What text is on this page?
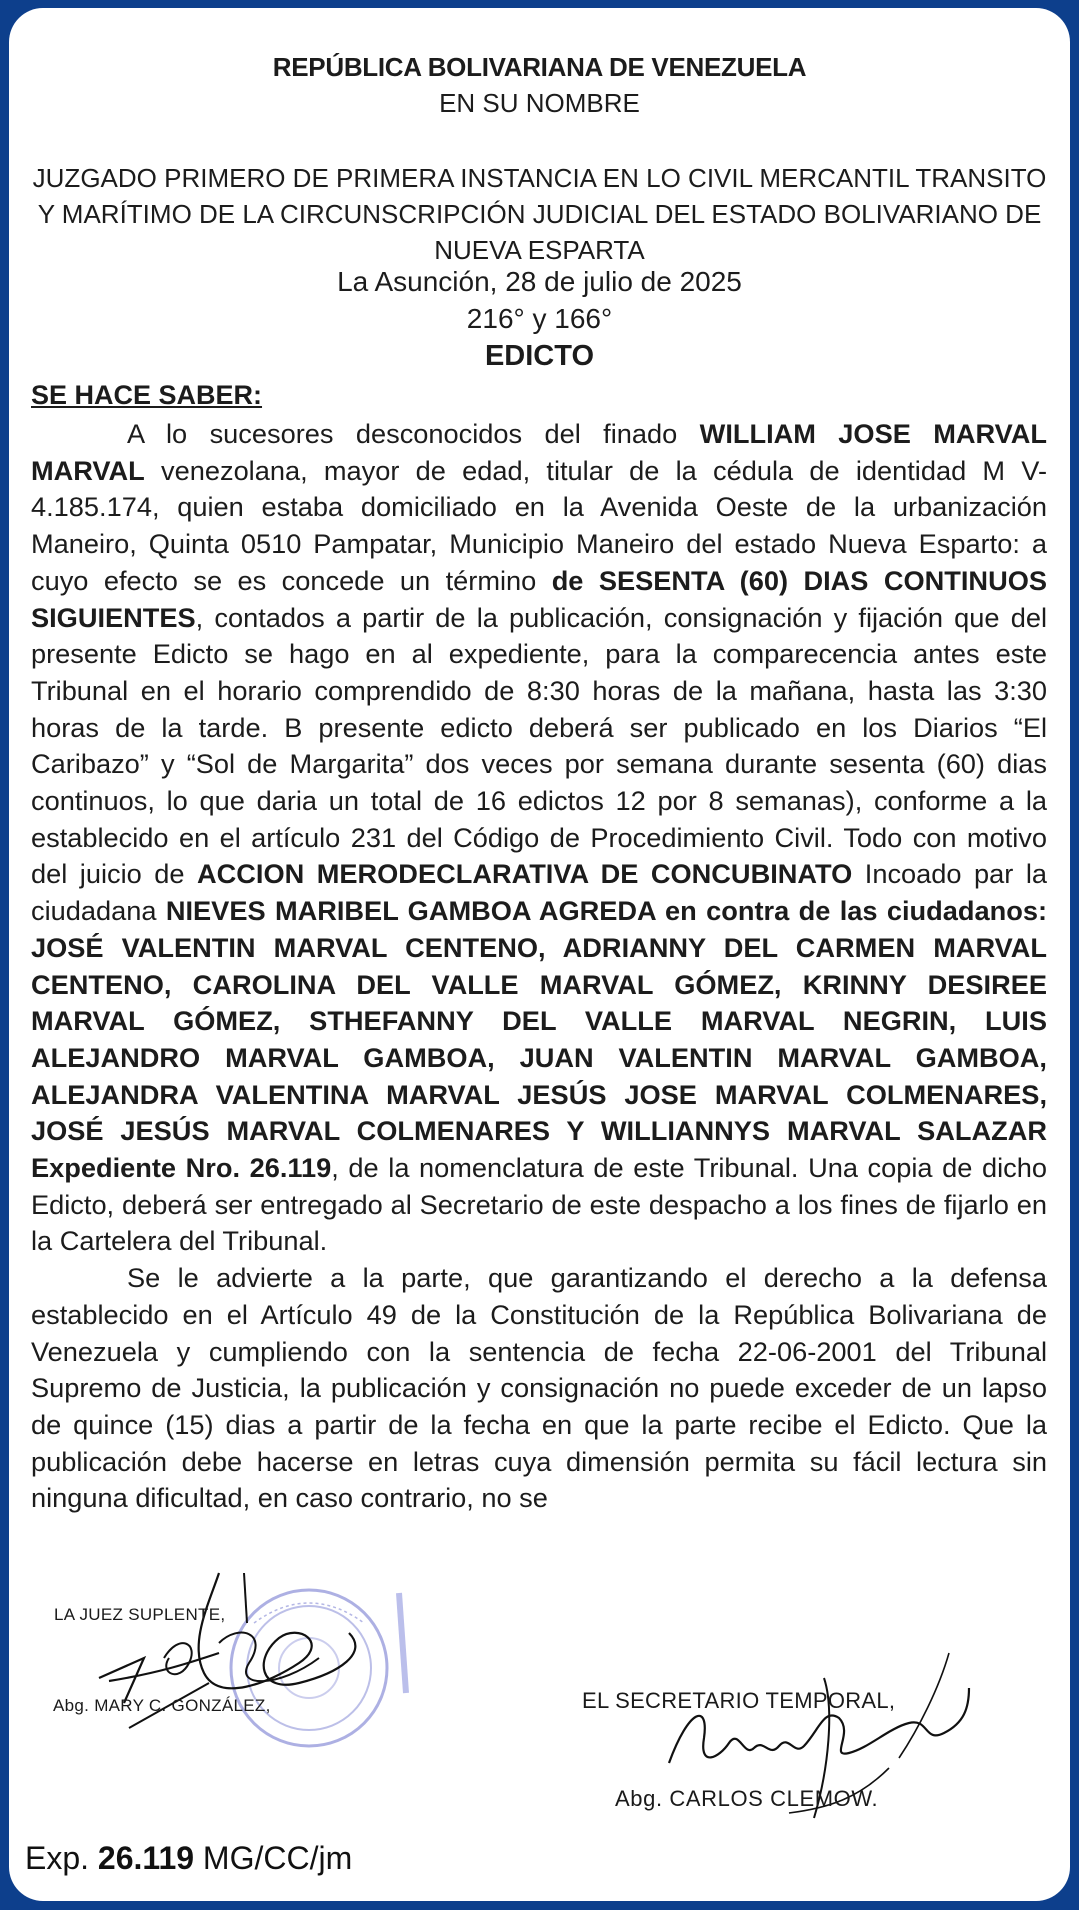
REPÚBLICA BOLIVARIANA DE VENEZUELA
EN SU NOMBRE
JUZGADO PRIMERO DE PRIMERA INSTANCIA EN LO CIVIL MERCANTIL TRANSITO Y MARÍTIMO DE LA CIRCUNSCRIPCIÓN JUDICIAL DEL ESTADO BOLIVARIANO DE NUEVA ESPARTA
La Asunción, 28 de julio de 2025
216° y 166°
EDICTO
SE HACE SABER:

A lo sucesores desconocidos del finado WILLIAM JOSE MARVAL MARVAL venezolana, mayor de edad, titular de la cédula de identidad M V-4.185.174, quien estaba domiciliado en la Avenida Oeste de la urbanización Maneiro, Quinta 0510 Pampatar, Municipio Maneiro del estado Nueva Esparto: a cuyo efecto se es concede un término de SESENTA (60) DIAS CONTINUOS SIGUIENTES, contados a partir de la publicación, consignación y fijación que del presente Edicto se hago en al expediente, para la comparecencia antes este Tribunal en el horario comprendido de 8:30 horas de la mañana, hasta las 3:30 horas de la tarde. B presente edicto deberá ser publicado en los Diarios “El Caribazo” y “Sol de Margarita” dos veces por semana durante sesenta (60) dias continuos, lo que daria un total de 16 edictos 12 por 8 semanas), conforme a la establecido en el artículo 231 del Código de Procedimiento Civil. Todo con motivo del juicio de ACCION MERODECLARATIVA DE CONCUBINATO Incoado par la ciudadana NIEVES MARIBEL GAMBOA AGREDA en contra de las ciudadanos: JOSÉ VALENTIN MARVAL CENTENO, ADRIANNY DEL CARMEN MARVAL CENTENO, CAROLINA DEL VALLE MARVAL GÓMEZ, KRINNY DESIREE MARVAL GÓMEZ, STHEFANNY DEL VALLE MARVAL NEGRIN, LUIS ALEJANDRO MARVAL GAMBOA, JUAN VALENTIN MARVAL GAMBOA, ALEJANDRA VALENTINA MARVAL JESÚS JOSE MARVAL COLMENARES, JOSÉ JESÚS MARVAL COLMENARES Y WILLIANNYS MARVAL SALAZAR Expediente Nro. 26.119, de la nomenclatura de este Tribunal. Una copia de dicho Edicto, deberá ser entregado al Secretario de este despacho a los fines de fijarlo en la Cartelera del Tribunal.

Se le advierte a la parte, que garantizando el derecho a la defensa establecido en el Artículo 49 de la Constitución de la República Bolivariana de Venezuela y cumpliendo con la sentencia de fecha 22-06-2001 del Tribunal Supremo de Justicia, la publicación y consignación no puede exceder de un lapso de quince (15) dias a partir de la fecha en que la parte recibe el Edicto. Que la publicación debe hacerse en letras cuya dimensión permita su fácil lectura sin ninguna dificultad, en caso contrario, no se

LA JUEZ SUPLENTE,
Abg. MARY C. GONZÁLEZ,	EL SECRETARIO TEMPORAL,
Abg. CARLOS CLEMOW.
Exp. 26.119 MG/CC/jm
